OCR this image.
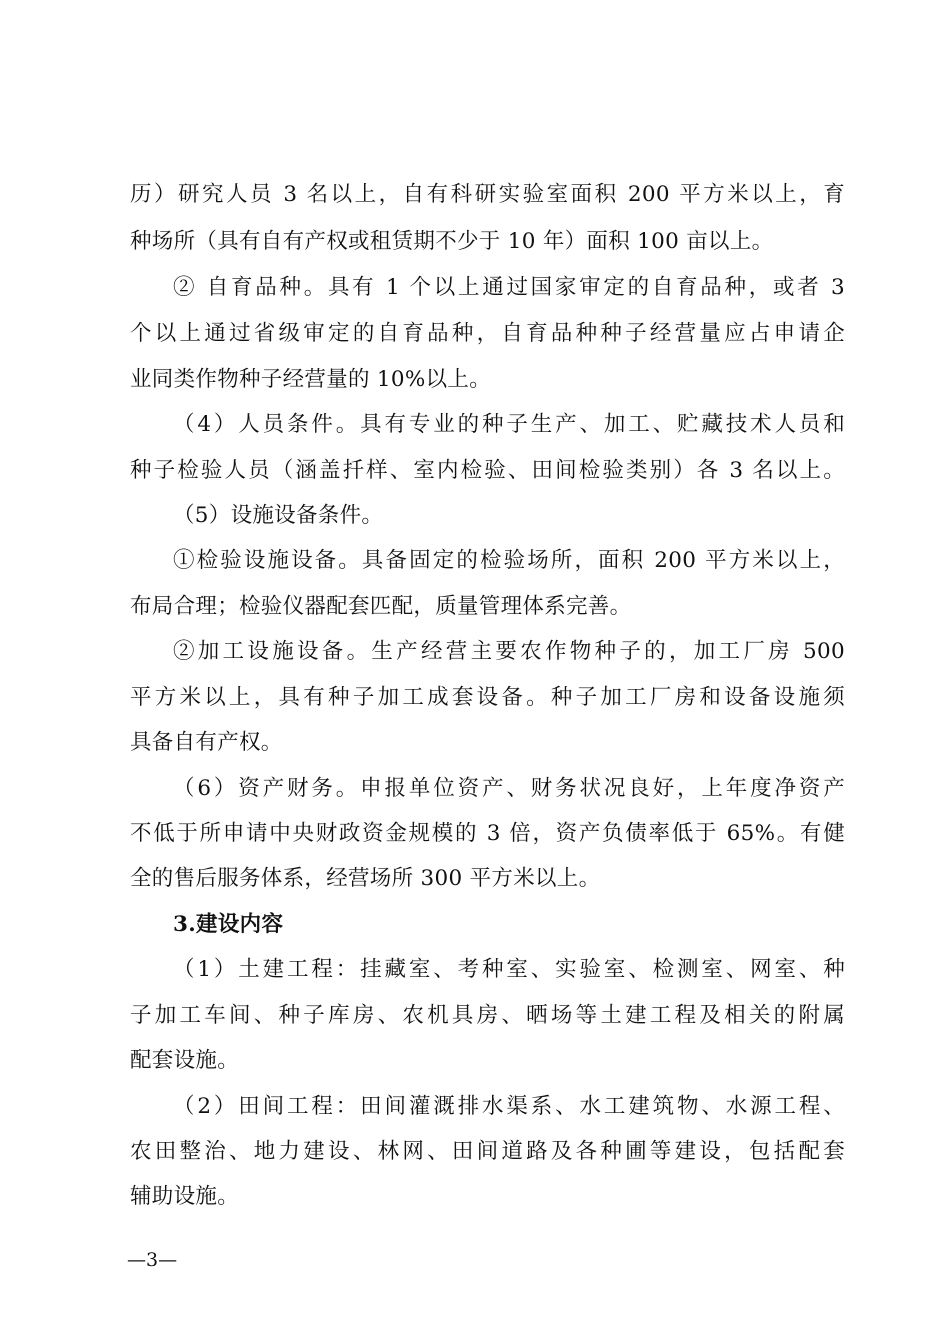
历）研究人员 3 名以上，自有科研实验室面积 200 平方米以上，育
种场所（具有自有产权或租赁期不少于 10 年）面积 100 亩以上。
② 自育品种。具有 1 个以上通过国家审定的自育品种，或者 3
个以上通过省级审定的自育品种，自育品种种子经营量应占申请企
业同类作物种子经营量的 10%以上。
（4）人员条件。具有专业的种子生产、加工、贮藏技术人员和
种子检验人员（涵盖扦样、室内检验、田间检验类别）各 3 名以上。
（5）设施设备条件。
①检验设施设备。具备固定的检验场所，面积 200 平方米以上，
布局合理；检验仪器配套匹配，质量管理体系完善。
②加工设施设备。生产经营主要农作物种子的，加工厂房 500
平方米以上，具有种子加工成套设备。种子加工厂房和设备设施须
具备自有产权。
（6）资产财务。申报单位资产、财务状况良好，上年度净资产
不低于所申请中央财政资金规模的 3 倍，资产负债率低于 65%。有健
全的售后服务体系，经营场所 300 平方米以上。
3.建设内容
（1）土建工程：挂藏室、考种室、实验室、检测室、网室、种
子加工车间、种子库房、农机具房、晒场等土建工程及相关的附属
配套设施。
（2）田间工程：田间灌溉排水渠系、水工建筑物、水源工程、
农田整治、地力建设、林网、田间道路及各种圃等建设，包括配套
辅助设施。
—3—
